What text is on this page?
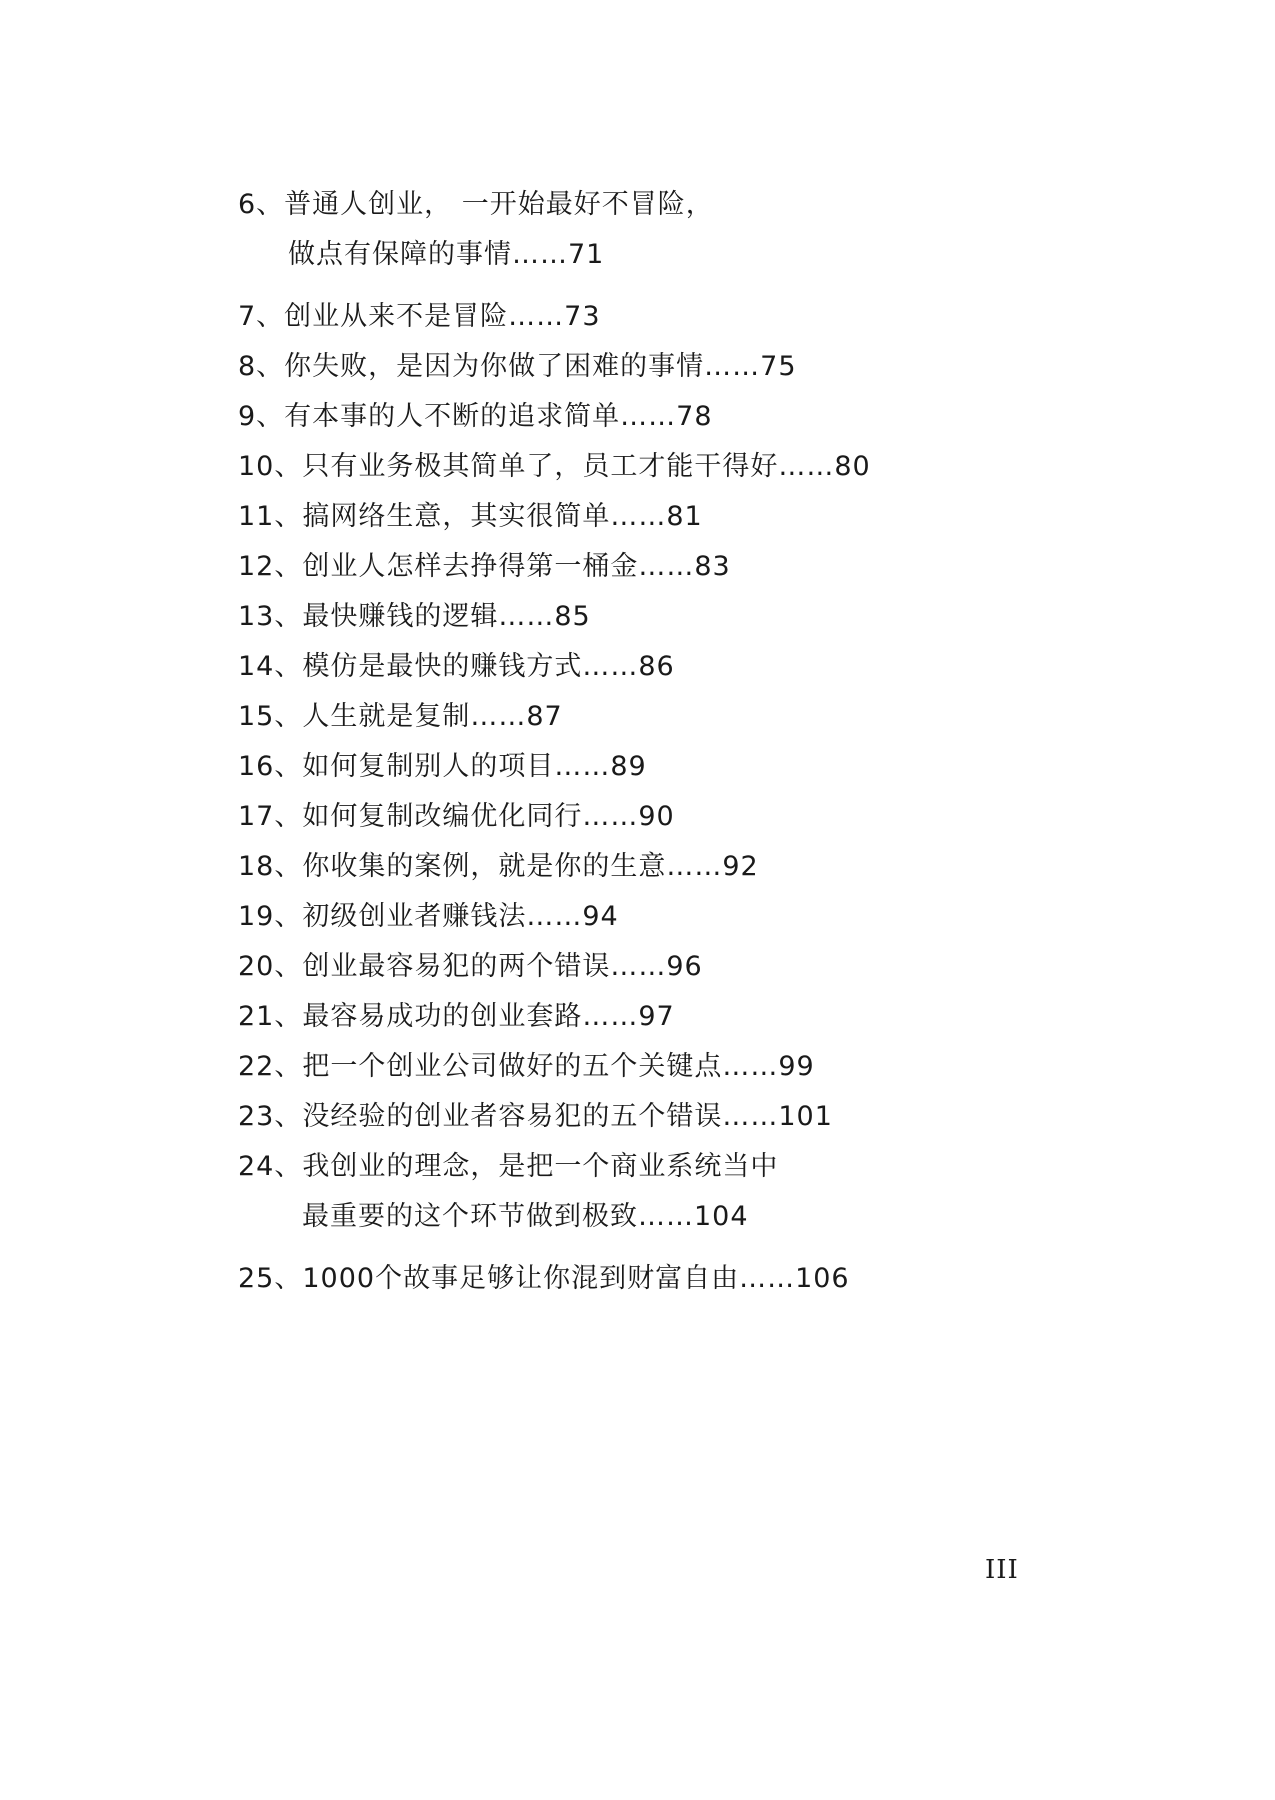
6、普通人创业， 一开始最好不冒险，
做点有保障的事情……71
7、创业从来不是冒险……73
8、你失败，是因为你做了困难的事情……75
9、有本事的人不断的追求简单……78
10、只有业务极其简单了，员工才能干得好……80
11、搞网络生意，其实很简单……81
12、创业人怎样去挣得第一桶金……83
13、最快赚钱的逻辑……85
14、模仿是最快的赚钱方式……86
15、人生就是复制……87
16、如何复制别人的项目……89
17、如何复制改编优化同行……90
18、你收集的案例，就是你的生意……92
19、初级创业者赚钱法……94
20、创业最容易犯的两个错误……96
21、最容易成功的创业套路……97
22、把一个创业公司做好的五个关键点……99
23、没经验的创业者容易犯的五个错误……101
24、我创业的理念，是把一个商业系统当中
最重要的这个环节做到极致……104
25、1000个故事足够让你混到财富自由……106
III
